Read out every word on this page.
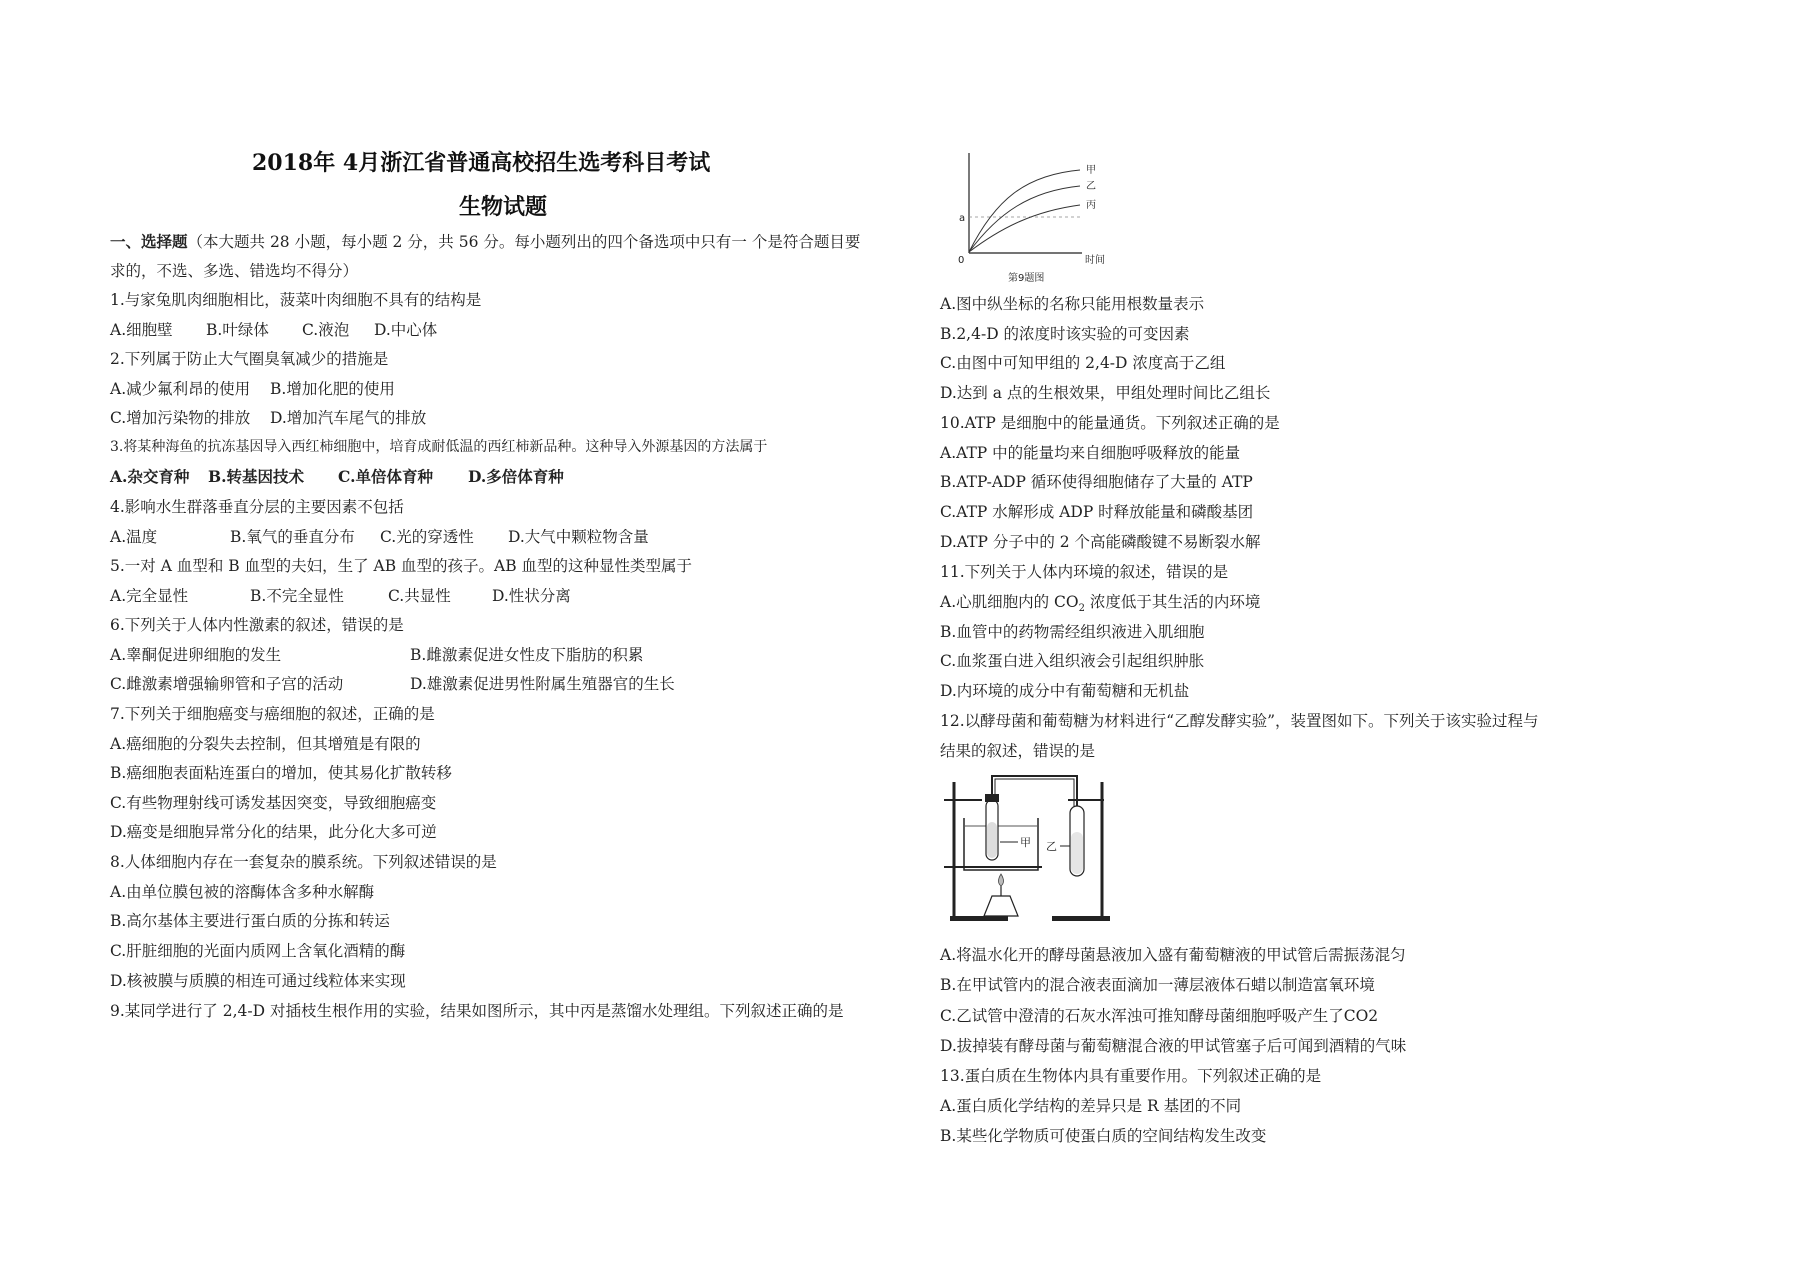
2018年 4月浙江省普通高校招生选考科目考试
生物试题
一、选择题（本大题共 28 小题，每小题 2 分，共 56 分。每小题列出的四个备选项中只有一 个是符合题目要
求的，不选、多选、错选均不得分）
1.与家兔肌肉细胞相比，菠菜叶肉细胞不具有的结构是
A.细胞壁 B.叶绿体 C.液泡 D.中心体
2.下列属于防止大气圈臭氧减少的措施是
A.减少氟利昂的使用 B.增加化肥的使用
C.增加污染物的排放 D.增加汽车尾气的排放
3.将某种海鱼的抗冻基因导入西红柿细胞中，培育成耐低温的西红柿新品种。这种导入外源基因的方法属于
A.杂交育种 B.转基因技术 C.单倍体育种 D.多倍体育种
4.影响水生群落垂直分层的主要因素不包括
A.温度	B.氧气的垂直分布 C.光的穿透性 D.大气中颗粒物含量
5.一对 A 血型和 B 血型的夫妇，生了 AB 血型的孩子。AB 血型的这种显性类型属于
A.完全显性	B.不完全显性	C.共显性	D.性状分离
6.下列关于人体内性激素的叙述，错误的是
A.睾酮促进卵细胞的发生	B.雌激素促进女性皮下脂肪的积累
C.雌激素增强输卵管和子宫的活动	D.雄激素促进男性附属生殖器官的生长
7.下列关于细胞癌变与癌细胞的叙述，正确的是
A.癌细胞的分裂失去控制，但其增殖是有限的
B.癌细胞表面粘连蛋白的增加，使其易化扩散转移
C.有些物理射线可诱发基因突变，导致细胞癌变
D.癌变是细胞异常分化的结果，此分化大多可逆
8.人体细胞内存在一套复杂的膜系统。下列叙述错误的是
A.由单位膜包被的溶酶体含多种水解酶
B.高尔基体主要进行蛋白质的分拣和转运
C.肝脏细胞的光面内质网上含氧化酒精的酶
D.核被膜与质膜的相连可通过线粒体来实现
9.某同学进行了 2,4-D 对插枝生根作用的实验，结果如图所示，其中丙是蒸馏水处理组。下列叙述正确的是
a
0	时间
甲
乙
丙
第9题图
A.图中纵坐标的名称只能用根数量表示
B.2,4-D 的浓度时该实验的可变因素
C.由图中可知甲组的 2,4-D 浓度高于乙组
D.达到 a 点的生根效果，甲组处理时间比乙组长
10.ATP 是细胞中的能量通货。下列叙述正确的是
A.ATP 中的能量均来自细胞呼吸释放的能量
B.ATP-ADP 循环使得细胞储存了大量的 ATP
C.ATP 水解形成 ADP 时释放能量和磷酸基团
D.ATP 分子中的 2 个高能磷酸键不易断裂水解
11.下列关于人体内环境的叙述，错误的是
A.心肌细胞内的 $CO_2$ 浓度低于其生活的内环境
B.血管中的药物需经组织液进入肌细胞
C.血浆蛋白进入组织液会引起组织肿胀
D.内环境的成分中有葡萄糖和无机盐
12.以酵母菌和葡萄糖为材料进行“乙醇发酵实验”，装置图如下。下列关于该实验过程与
结果的叙述，错误的是
甲 乙
A.将温水化开的酵母菌悬液加入盛有葡萄糖液的甲试管后需振荡混匀
B.在甲试管内的混合液表面滴加一薄层液体石蜡以制造富氧环境
C.乙试管中澄清的石灰水浑浊可推知酵母菌细胞呼吸产生了CO2
D.拔掉装有酵母菌与葡萄糖混合液的甲试管塞子后可闻到酒精的气味
13.蛋白质在生物体内具有重要作用。下列叙述正确的是
A.蛋白质化学结构的差异只是 R 基团的不同
B.某些化学物质可使蛋白质的空间结构发生改变
